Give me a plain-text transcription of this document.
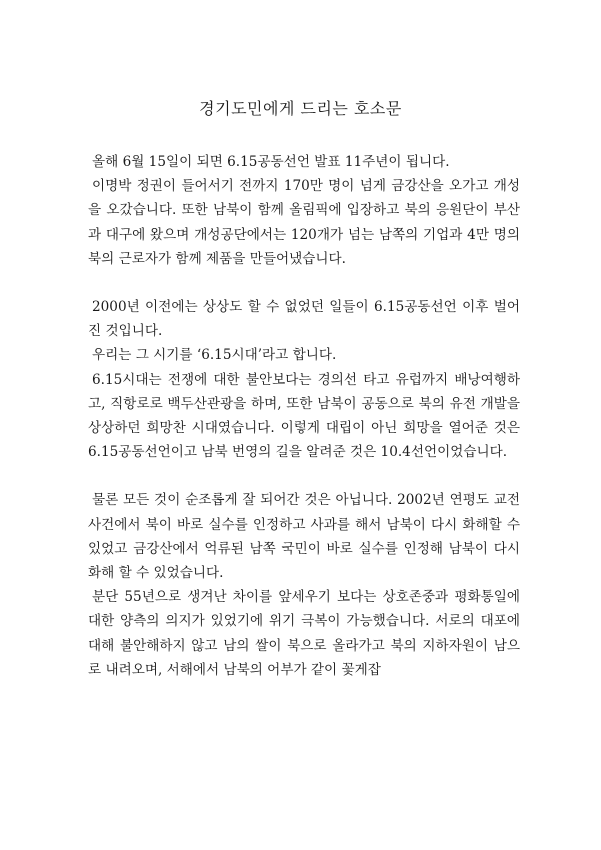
경기도민에게 드리는 호소문

올해 6월 15일이 되면 6.15공동선언 발표 11주년이 됩니다.

이명박 정권이 들어서기 전까지 170만 명이 넘게 금강산을 오가고 개성을 오갔습니다. 또한 남북이 함께 올림픽에 입장하고 북의 응원단이 부산과 대구에 왔으며 개성공단에서는 120개가 넘는 남쪽의 기업과 4만 명의 북의 근로자가 함께 제품을 만들어냈습니다.

2000년 이전에는 상상도 할 수 없었던 일들이 6.15공동선언 이후 벌어진 것입니다.

우리는 그 시기를 ‘6.15시대’라고 합니다.

6.15시대는 전쟁에 대한 불안보다는 경의선 타고 유럽까지 배낭여행하고, 직항로로 백두산관광을 하며, 또한 남북이 공동으로 북의 유전 개발을 상상하던 희망찬 시대였습니다. 이렇게 대립이 아닌 희망을 열어준 것은 6.15공동선언이고 남북 번영의 길을 알려준 것은 10.4선언이었습니다.

물론 모든 것이 순조롭게 잘 되어간 것은 아닙니다. 2002년 연평도 교전 사건에서 북이 바로 실수를 인정하고 사과를 해서 남북이 다시 화해할 수 있었고 금강산에서 억류된 남쪽 국민이 바로 실수를 인정해 남북이 다시 화해 할 수 있었습니다.

분단 55년으로 생겨난 차이를 앞세우기 보다는 상호존중과 평화통일에 대한 양측의 의지가 있었기에 위기 극복이 가능했습니다. 서로의 대포에 대해 불안해하지 않고 남의 쌀이 북으로 올라가고 북의 지하자원이 남으로 내려오며, 서해에서 남북의 어부가 같이 꽃게잡
